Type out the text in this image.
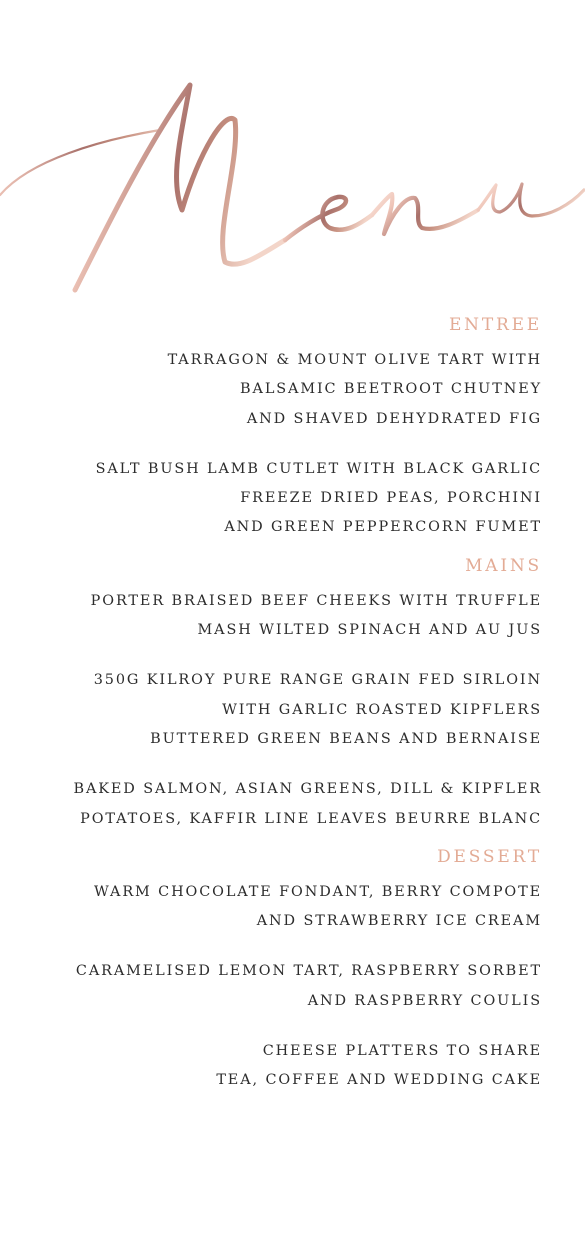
ENTREE
TARRAGON & MOUNT OLIVE TART WITH
BALSAMIC BEETROOT CHUTNEY
AND SHAVED DEHYDRATED FIG
SALT BUSH LAMB CUTLET WITH BLACK GARLIC
FREEZE DRIED PEAS, PORCHINI
AND GREEN PEPPERCORN FUMET
MAINS
PORTER BRAISED BEEF CHEEKS WITH TRUFFLE
MASH WILTED SPINACH AND AU JUS
350G KILROY PURE RANGE GRAIN FED SIRLOIN
WITH GARLIC ROASTED KIPFLERS
BUTTERED GREEN BEANS AND BERNAISE
BAKED SALMON, ASIAN GREENS, DILL & KIPFLER
POTATOES, KAFFIR LINE LEAVES BEURRE BLANC
DESSERT
WARM CHOCOLATE FONDANT, BERRY COMPOTE
AND STRAWBERRY ICE CREAM
CARAMELISED LEMON TART, RASPBERRY SORBET
AND RASPBERRY COULIS
CHEESE PLATTERS TO SHARE
TEA, COFFEE AND WEDDING CAKE
